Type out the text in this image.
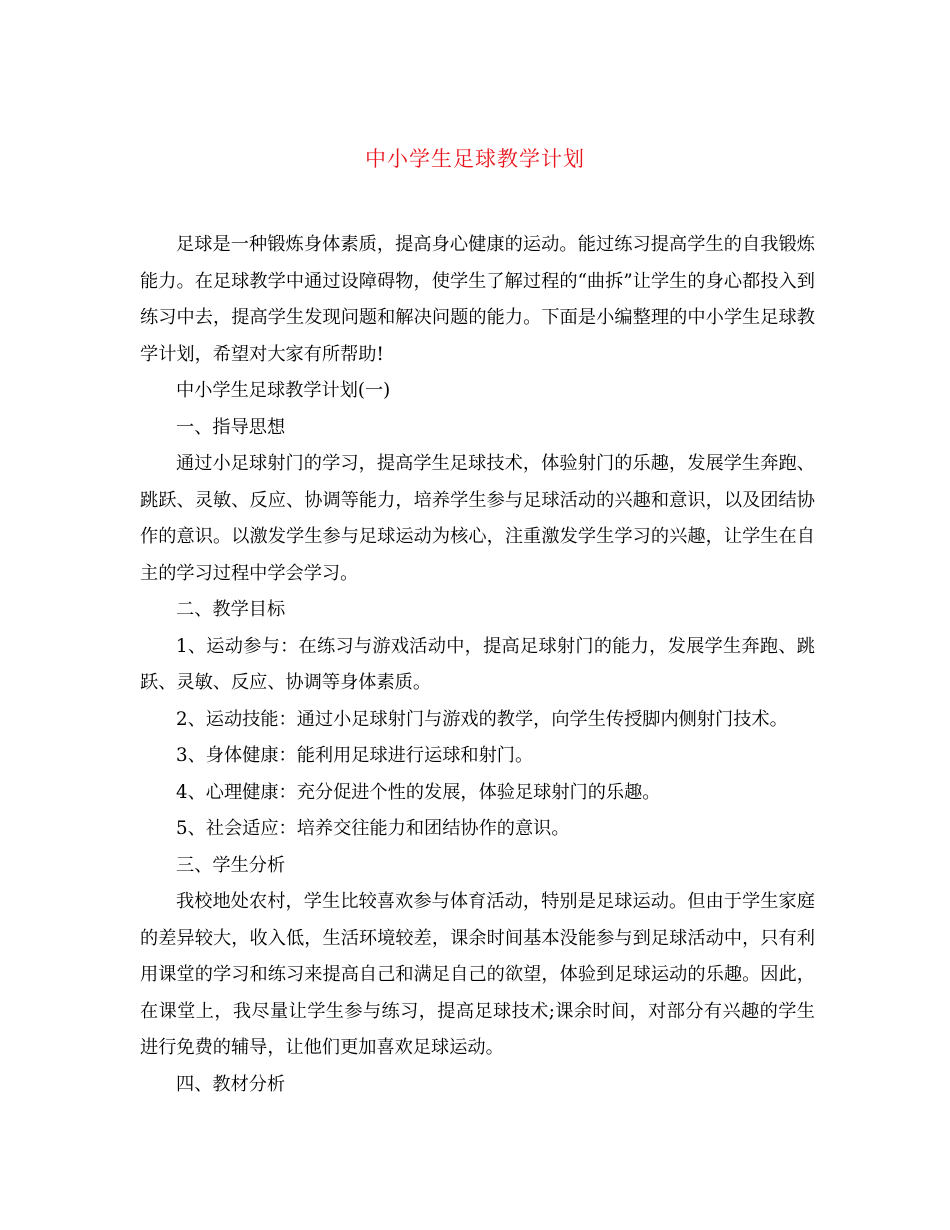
中小学生足球教学计划

足球是一种锻炼身体素质，提高身心健康的运动。能过练习提高学生的自我锻炼能力。在足球教学中通过设障碍物，使学生了解过程的“曲拆”让学生的身心都投入到练习中去，提高学生发现问题和解决问题的能力。下面是小编整理的中小学生足球教学计划，希望对大家有所帮助!

中小学生足球教学计划(一)

一、指导思想

通过小足球射门的学习，提高学生足球技术，体验射门的乐趣，发展学生奔跑、跳跃、灵敏、反应、协调等能力，培养学生参与足球活动的兴趣和意识，以及团结协作的意识。以激发学生参与足球运动为核心，注重激发学生学习的兴趣，让学生在自主的学习过程中学会学习。

二、教学目标

1、运动参与：在练习与游戏活动中，提高足球射门的能力，发展学生奔跑、跳跃、灵敏、反应、协调等身体素质。

2、运动技能：通过小足球射门与游戏的教学，向学生传授脚内侧射门技术。

3、身体健康：能利用足球进行运球和射门。

4、心理健康：充分促进个性的发展，体验足球射门的乐趣。

5、社会适应：培养交往能力和团结协作的意识。

三、学生分析

我校地处农村，学生比较喜欢参与体育活动，特别是足球运动。但由于学生家庭的差异较大，收入低，生活环境较差，课余时间基本没能参与到足球活动中，只有利用课堂的学习和练习来提高自己和满足自己的欲望，体验到足球运动的乐趣。因此，在课堂上，我尽量让学生参与练习，提高足球技术;课余时间，对部分有兴趣的学生进行免费的辅导，让他们更加喜欢足球运动。

四、教材分析
